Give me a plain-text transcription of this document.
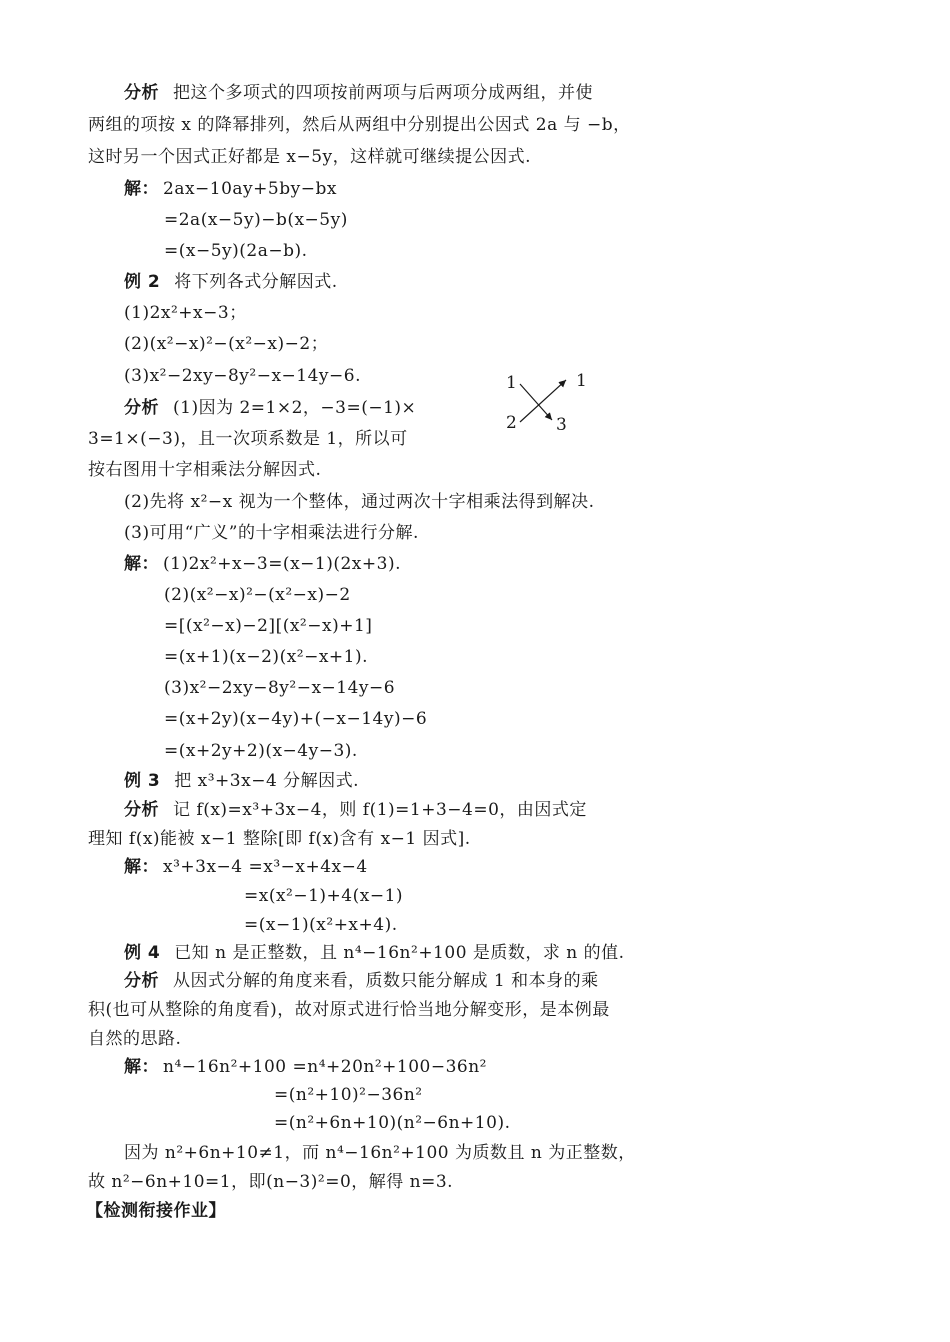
分析 把这个多项式的四项按前两项与后两项分成两组，并使
两组的项按 x 的降幂排列，然后从两组中分别提出公因式 2a 与 −b，
这时另一个因式正好都是 x−5y，这样就可继续提公因式.
解： 2ax−10ay+5by−bx
=2a(x−5y)−b(x−5y)
=(x−5y)(2a−b).
例 2 将下列各式分解因式.
(1)2x²+x−3；
(2)(x²−x)²−(x²−x)−2；
(3)x²−2xy−8y²−x−14y−6.
分析 (1)因为 2=1×2，−3=(−1)×
3=1×(−3)，且一次项系数是 1，所以可
按右图用十字相乘法分解因式.
1
2
1
3
(2)先将 x²−x 视为一个整体，通过两次十字相乘法得到解决.
(3)可用“广义”的十字相乘法进行分解.
解： (1)2x²+x−3=(x−1)(2x+3).
(2)(x²−x)²−(x²−x)−2
=[(x²−x)−2][(x²−x)+1]
=(x+1)(x−2)(x²−x+1).
(3)x²−2xy−8y²−x−14y−6
=(x+2y)(x−4y)+(−x−14y)−6
=(x+2y+2)(x−4y−3).
例 3 把 x³+3x−4 分解因式.
分析 记 f(x)=x³+3x−4，则 f(1)=1+3−4=0，由因式定
理知 f(x)能被 x−1 整除[即 f(x)含有 x−1 因式].
解： x³+3x−4 =x³−x+4x−4
=x(x²−1)+4(x−1)
=(x−1)(x²+x+4).
例 4 已知 n 是正整数，且 n⁴−16n²+100 是质数，求 n 的值.
分析 从因式分解的角度来看，质数只能分解成 1 和本身的乘
积(也可从整除的角度看)，故对原式进行恰当地分解变形，是本例最
自然的思路.
解： n⁴−16n²+100 =n⁴+20n²+100−36n²
=(n²+10)²−36n²
=(n²+6n+10)(n²−6n+10).
因为 n²+6n+10≠1，而 n⁴−16n²+100 为质数且 n 为正整数，
故 n²−6n+10=1，即(n−3)²=0，解得 n=3.
【检测衔接作业】
